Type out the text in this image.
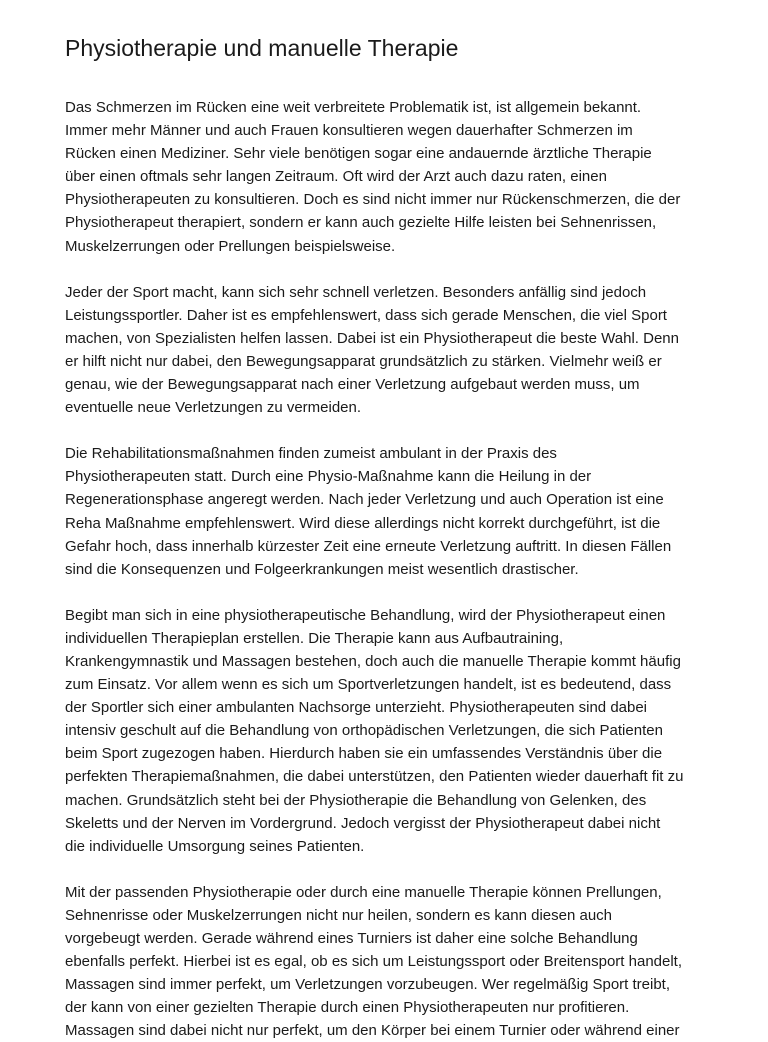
Physiotherapie und manuelle Therapie

Das Schmerzen im Rücken eine weit verbreitete Problematik ist, ist allgemein bekannt.
Immer mehr Männer und auch Frauen konsultieren wegen dauerhafter Schmerzen im
Rücken einen Mediziner. Sehr viele benötigen sogar eine andauernde ärztliche Therapie
über einen oftmals sehr langen Zeitraum. Oft wird der Arzt auch dazu raten, einen
Physiotherapeuten zu konsultieren. Doch es sind nicht immer nur Rückenschmerzen, die der
Physiotherapeut therapiert, sondern er kann auch gezielte Hilfe leisten bei Sehnenrissen,
Muskelzerrungen oder Prellungen beispielsweise.

Jeder der Sport macht, kann sich sehr schnell verletzen. Besonders anfällig sind jedoch
Leistungssportler. Daher ist es empfehlenswert, dass sich gerade Menschen, die viel Sport
machen, von Spezialisten helfen lassen. Dabei ist ein Physiotherapeut die beste Wahl. Denn
er hilft nicht nur dabei, den Bewegungsapparat grundsätzlich zu stärken. Vielmehr weiß er
genau, wie der Bewegungsapparat nach einer Verletzung aufgebaut werden muss, um
eventuelle neue Verletzungen zu vermeiden.

Die Rehabilitationsmaßnahmen finden zumeist ambulant in der Praxis des
Physiotherapeuten statt. Durch eine Physio-Maßnahme kann die Heilung in der
Regenerationsphase angeregt werden. Nach jeder Verletzung und auch Operation ist eine
Reha Maßnahme empfehlenswert. Wird diese allerdings nicht korrekt durchgeführt, ist die
Gefahr hoch, dass innerhalb kürzester Zeit eine erneute Verletzung auftritt. In diesen Fällen
sind die Konsequenzen und Folgeerkrankungen meist wesentlich drastischer.

Begibt man sich in eine physiotherapeutische Behandlung, wird der Physiotherapeut einen
individuellen Therapieplan erstellen. Die Therapie kann aus Aufbautraining,
Krankengymnastik und Massagen bestehen, doch auch die manuelle Therapie kommt häufig
zum Einsatz. Vor allem wenn es sich um Sportverletzungen handelt, ist es bedeutend, dass
der Sportler sich einer ambulanten Nachsorge unterzieht. Physiotherapeuten sind dabei
intensiv geschult auf die Behandlung von orthopädischen Verletzungen, die sich Patienten
beim Sport zugezogen haben. Hierdurch haben sie ein umfassendes Verständnis über die
perfekten Therapiemaßnahmen, die dabei unterstützen, den Patienten wieder dauerhaft fit zu
machen. Grundsätzlich steht bei der Physiotherapie die Behandlung von Gelenken, des
Skeletts und der Nerven im Vordergrund. Jedoch vergisst der Physiotherapeut dabei nicht
die individuelle Umsorgung seines Patienten.

Mit der passenden Physiotherapie oder durch eine manuelle Therapie können Prellungen,
Sehnenrisse oder Muskelzerrungen nicht nur heilen, sondern es kann diesen auch
vorgebeugt werden. Gerade während eines Turniers ist daher eine solche Behandlung
ebenfalls perfekt. Hierbei ist es egal, ob es sich um Leistungssport oder Breitensport handelt,
Massagen sind immer perfekt, um Verletzungen vorzubeugen. Wer regelmäßig Sport treibt,
der kann von einer gezielten Therapie durch einen Physiotherapeuten nur profitieren.
Massagen sind dabei nicht nur perfekt, um den Körper bei einem Turnier oder während einer
